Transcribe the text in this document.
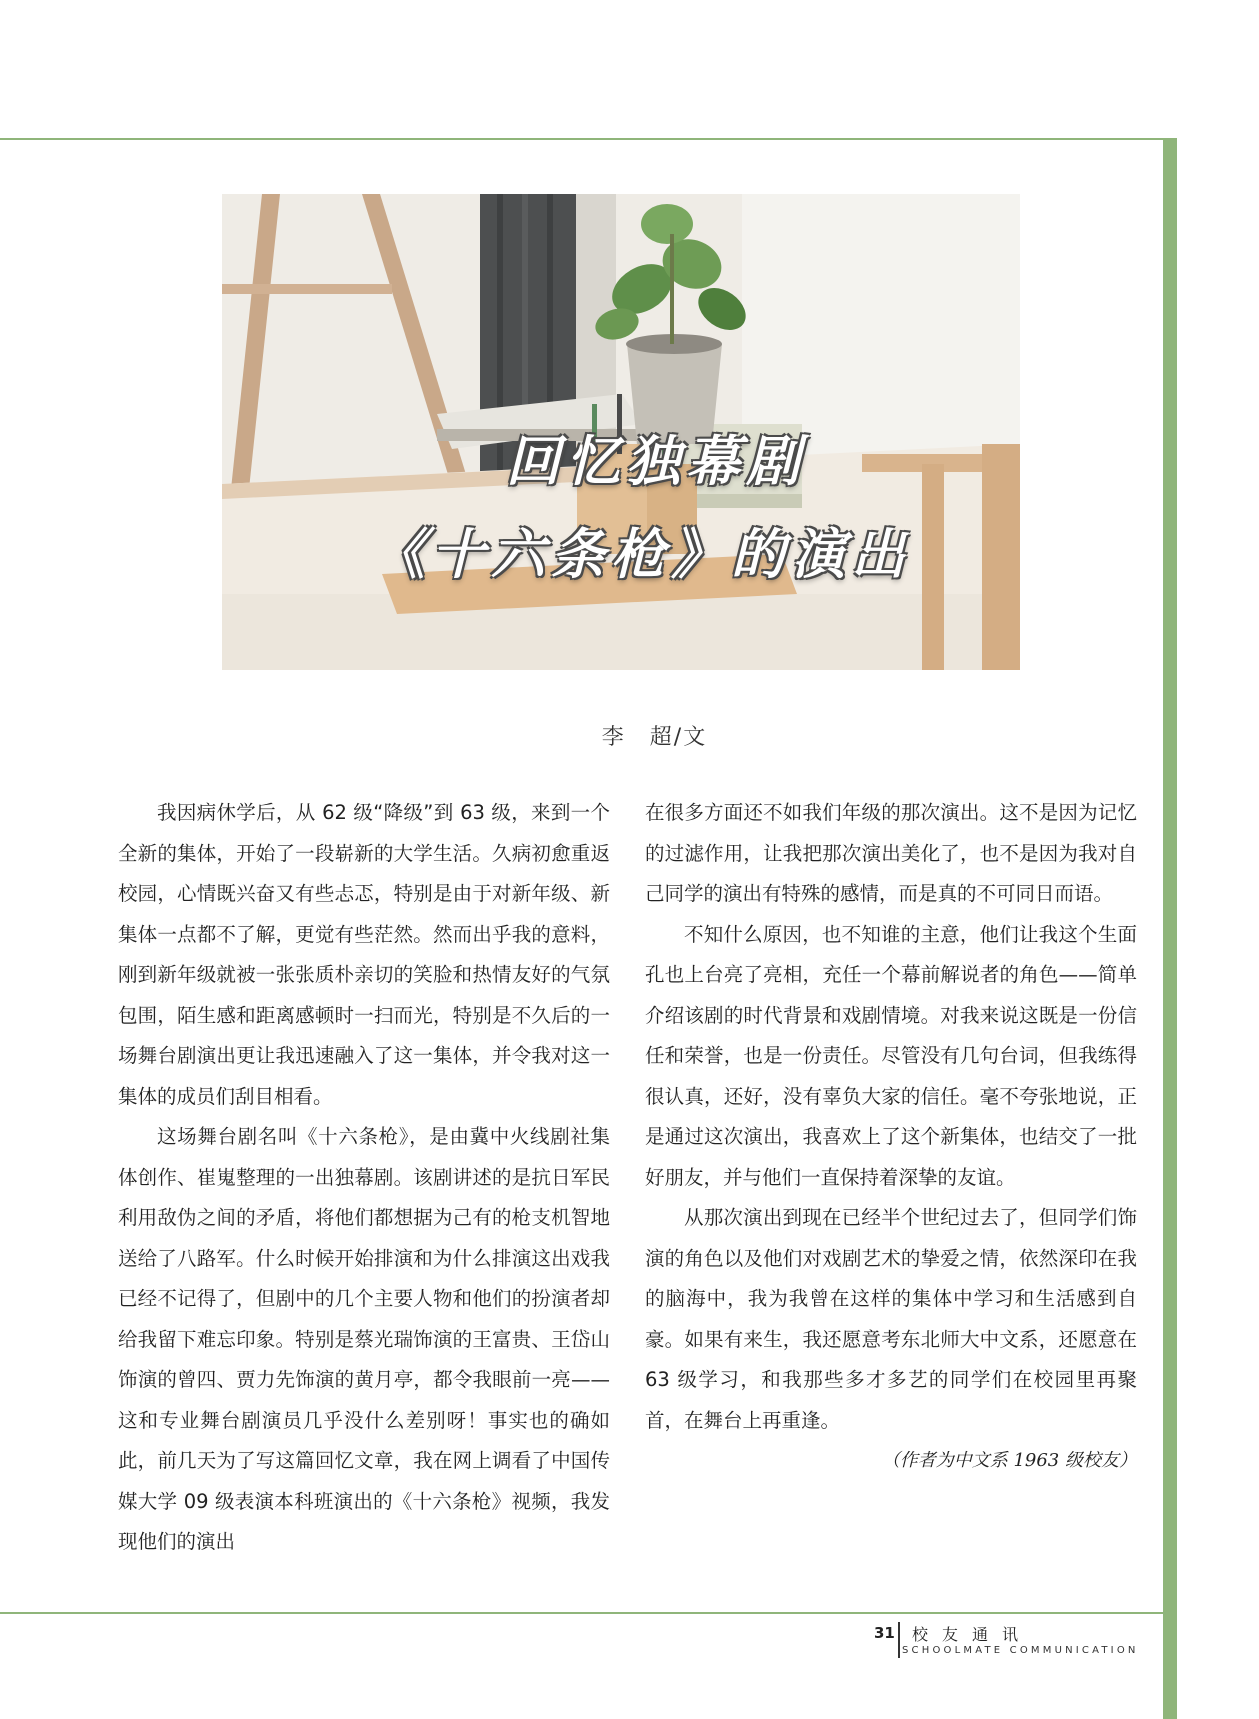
回忆独幕剧
《十六条枪》的演出
李　超/文

我因病休学后，从 62 级“降级”到 63 级，来到一个全新的集体，开始了一段崭新的大学生活。久病初愈重返校园，心情既兴奋又有些忐忑，特别是由于对新年级、新集体一点都不了解，更觉有些茫然。然而出乎我的意料，刚到新年级就被一张张质朴亲切的笑脸和热情友好的气氛包围，陌生感和距离感顿时一扫而光，特别是不久后的一场舞台剧演出更让我迅速融入了这一集体，并令我对这一集体的成员们刮目相看。

这场舞台剧名叫《十六条枪》，是由冀中火线剧社集体创作、崔嵬整理的一出独幕剧。该剧讲述的是抗日军民利用敌伪之间的矛盾，将他们都想据为己有的枪支机智地送给了八路军。什么时候开始排演和为什么排演这出戏我已经不记得了，但剧中的几个主要人物和他们的扮演者却给我留下难忘印象。特别是蔡光瑞饰演的王富贵、王岱山饰演的曾四、贾力先饰演的黄月亭，都令我眼前一亮——这和专业舞台剧演员几乎没什么差别呀！事实也的确如此，前几天为了写这篇回忆文章，我在网上调看了中国传媒大学 09 级表演本科班演出的《十六条枪》视频，我发现他们的演出

在很多方面还不如我们年级的那次演出。这不是因为记忆的过滤作用，让我把那次演出美化了，也不是因为我对自己同学的演出有特殊的感情，而是真的不可同日而语。

不知什么原因，也不知谁的主意，他们让我这个生面孔也上台亮了亮相，充任一个幕前解说者的角色——简单介绍该剧的时代背景和戏剧情境。对我来说这既是一份信任和荣誉，也是一份责任。尽管没有几句台词，但我练得很认真，还好，没有辜负大家的信任。毫不夸张地说，正是通过这次演出，我喜欢上了这个新集体，也结交了一批好朋友，并与他们一直保持着深挚的友谊。

从那次演出到现在已经半个世纪过去了，但同学们饰演的角色以及他们对戏剧艺术的挚爱之情，依然深印在我的脑海中，我为我曾在这样的集体中学习和生活感到自豪。如果有来生，我还愿意考东北师大中文系，还愿意在 63 级学习，和我那些多才多艺的同学们在校园里再聚首，在舞台上再重逢。

（作者为中文系 1963 级校友）

31 校友通讯
SCHOOLMATE COMMUNICATION
